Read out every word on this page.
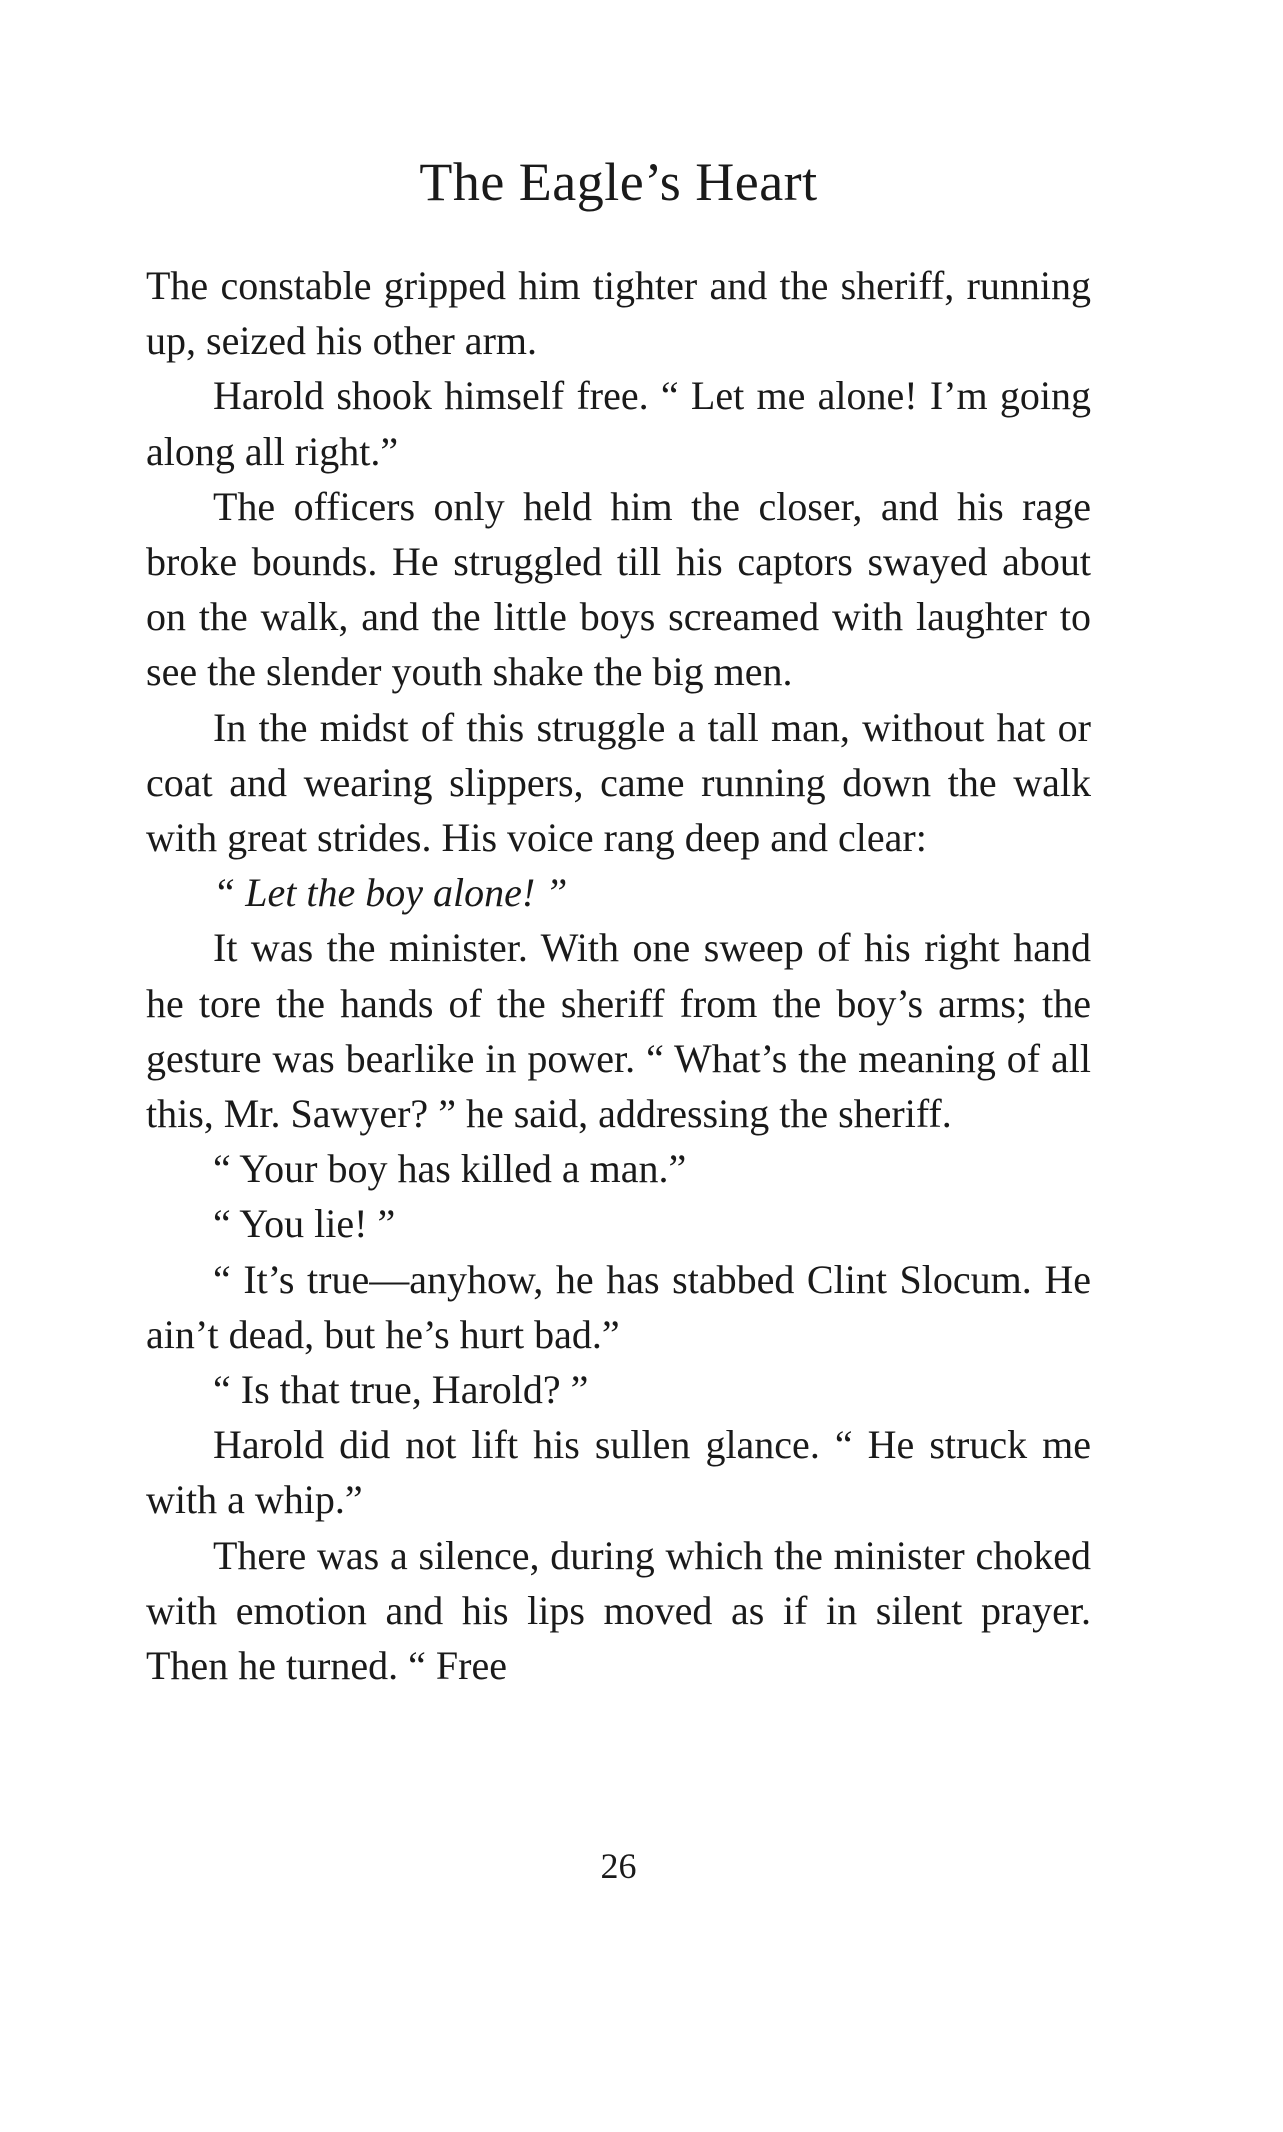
The Eagle’s Heart

The constable gripped him tighter and the sheriff, running up, seized his other arm.

Harold shook himself free. “ Let me alone! I’m going along all right.”

The officers only held him the closer, and his rage broke bounds. He struggled till his captors swayed about on the walk, and the little boys screamed with laughter to see the slender youth shake the big men.

In the midst of this struggle a tall man, without hat or coat and wearing slippers, came running down the walk with great strides. His voice rang deep and clear:

“ Let the boy alone! ”

It was the minister. With one sweep of his right hand he tore the hands of the sheriff from the boy’s arms; the gesture was bearlike in power. “ What’s the meaning of all this, Mr. Sawyer? ” he said, addressing the sheriff.

“ Your boy has killed a man.”

“ You lie! ”

“ It’s true—anyhow, he has stabbed Clint Slocum. He ain’t dead, but he’s hurt bad.”

“ Is that true, Harold? ”

Harold did not lift his sullen glance. “ He struck me with a whip.”

There was a silence, during which the minister choked with emotion and his lips moved as if in silent prayer. Then he turned. “ Free

26
